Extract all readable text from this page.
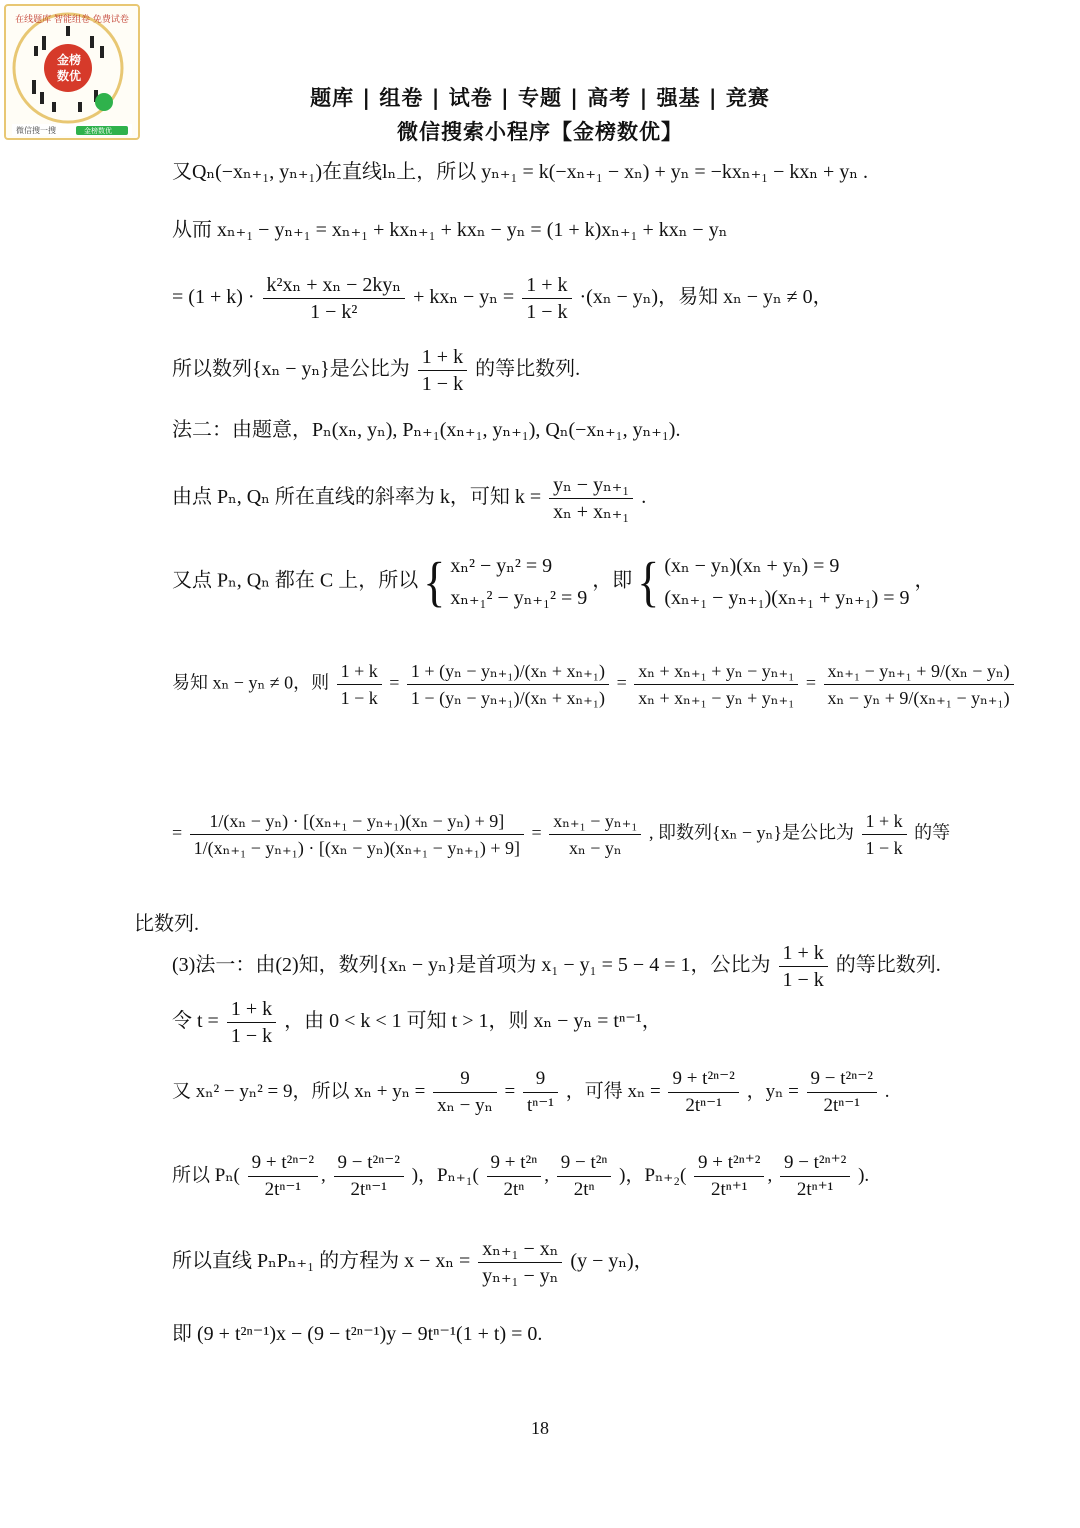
金榜
数优
在线题库 智能组卷 免费试卷
微信搜一搜	金榜数优
题库 | 组卷 | 试卷 | 专题 | 高考 | 强基 | 竞赛
微信搜索小程序【金榜数优】
又Qₙ(−xₙ₊₁, yₙ₊₁)在直线lₙ上，所以 yₙ₊₁ = k(−xₙ₊₁ − xₙ) + yₙ = −kxₙ₊₁ − kxₙ + yₙ .
从而 xₙ₊₁ − yₙ₊₁ = xₙ₊₁ + kxₙ₊₁ + kxₙ − yₙ = (1 + k)xₙ₊₁ + kxₙ − yₙ
= $(1 + k) \cdot \frac{\text{k²xₙ + xₙ − 2kyₙ}}{\text{1 − k²}} + kx_n - y_n = \frac{1 + k}{1 - k} \cdot(x_n - y_n)$，易知 xₙ − yₙ ≠ 0，
所以数列{xₙ − yₙ}是公比为 $\frac{1 + k}{1 - k}$ 的等比数列.
法二：由题意，Pₙ(xₙ, yₙ), Pₙ₊₁(xₙ₊₁, yₙ₊₁), Qₙ(−xₙ₊₁, yₙ₊₁).
由点 Pₙ, Qₙ 所在直线的斜率为 k，可知 $k = \frac{\text{yₙ − yₙ₊₁}}{\text{xₙ + xₙ₊₁}}$ .
又点 Pₙ, Qₙ 都在 C 上，所以 { xₙ² − yₙ² = 9
xₙ₊₁² − yₙ₊₁² = 9
，即 { (xₙ − yₙ)(xₙ + yₙ) = 9
(xₙ₊₁ − yₙ₊₁)(xₙ₊₁ + yₙ₊₁) = 9
，
易知 xₙ − yₙ ≠ 0，则 $\frac{1 + k}{1 - k} = \frac{\text{1 + (yₙ − yₙ₊₁)/(xₙ + xₙ₊₁)}}{\text{1 − (yₙ − yₙ₊₁)/(xₙ + xₙ₊₁)}} = \frac{\text{xₙ + xₙ₊₁ + yₙ − yₙ₊₁}}{\text{xₙ + xₙ₊₁ − yₙ + yₙ₊₁}} = \frac{\text{xₙ₊₁ − yₙ₊₁ + 9/(xₙ − yₙ)}}{\text{xₙ − yₙ + 9/(xₙ₊₁ − yₙ₊₁)}}$
= $\frac{\text{1/(xₙ − yₙ) · [(xₙ₊₁ − yₙ₊₁)(xₙ − yₙ) + 9]}}{\text{1/(xₙ₊₁ − yₙ₊₁) · [(xₙ − yₙ)(xₙ₊₁ − yₙ₊₁) + 9]}} = \frac{\text{xₙ₊₁ − yₙ₊₁}}{\text{xₙ − yₙ}}$ , 即数列{xₙ − yₙ}是公比为 $\frac{1 + k}{1 - k}$ 的等
比数列.
(3)法一：由(2)知，数列{xₙ − yₙ}是首项为 x₁ − y₁ = 5 − 4 = 1，公比为 $\frac{1 + k}{1 - k}$ 的等比数列.
令 $t = \frac{1 + k}{1 - k}$ ，由 0 < k < 1 可知 t > 1，则 xₙ − yₙ = tⁿ⁻¹，
又 xₙ² − yₙ² = 9，所以 $x_n + y_n = \frac{9}{\text{xₙ − yₙ}} = \frac{9}{\text{tⁿ⁻¹}}$ ，可得 $x_n = \frac{\text{9 + t²ⁿ⁻²}}{\text{2tⁿ⁻¹}}$ ，$y_n = \frac{\text{9 − t²ⁿ⁻²}}{\text{2tⁿ⁻¹}}$ .
所以 $P_n( \frac{\text{9 + t²ⁿ⁻²}}{\text{2tⁿ⁻¹}}$ , $\frac{\text{9 − t²ⁿ⁻²}}{\text{2tⁿ⁻¹}}$ )，$P_{n+1}( \frac{\text{9 + t²ⁿ}}{\text{2tⁿ}}$ , $\frac{\text{9 − t²ⁿ}}{\text{2tⁿ}}$ )，$P_{n+2}( \frac{\text{9 + t²ⁿ⁺²}}{\text{2tⁿ⁺¹}}$ , $\frac{\text{9 − t²ⁿ⁺²}}{\text{2tⁿ⁺¹}}$ ).
所以直线 PₙPₙ₊₁ 的方程为 $x - x_n = \frac{\text{xₙ₊₁ − xₙ}}{\text{yₙ₊₁ − yₙ}} (y - y_n)$，
即 (9 + t²ⁿ⁻¹)x − (9 − t²ⁿ⁻¹)y − 9tⁿ⁻¹(1 + t) = 0.
18
